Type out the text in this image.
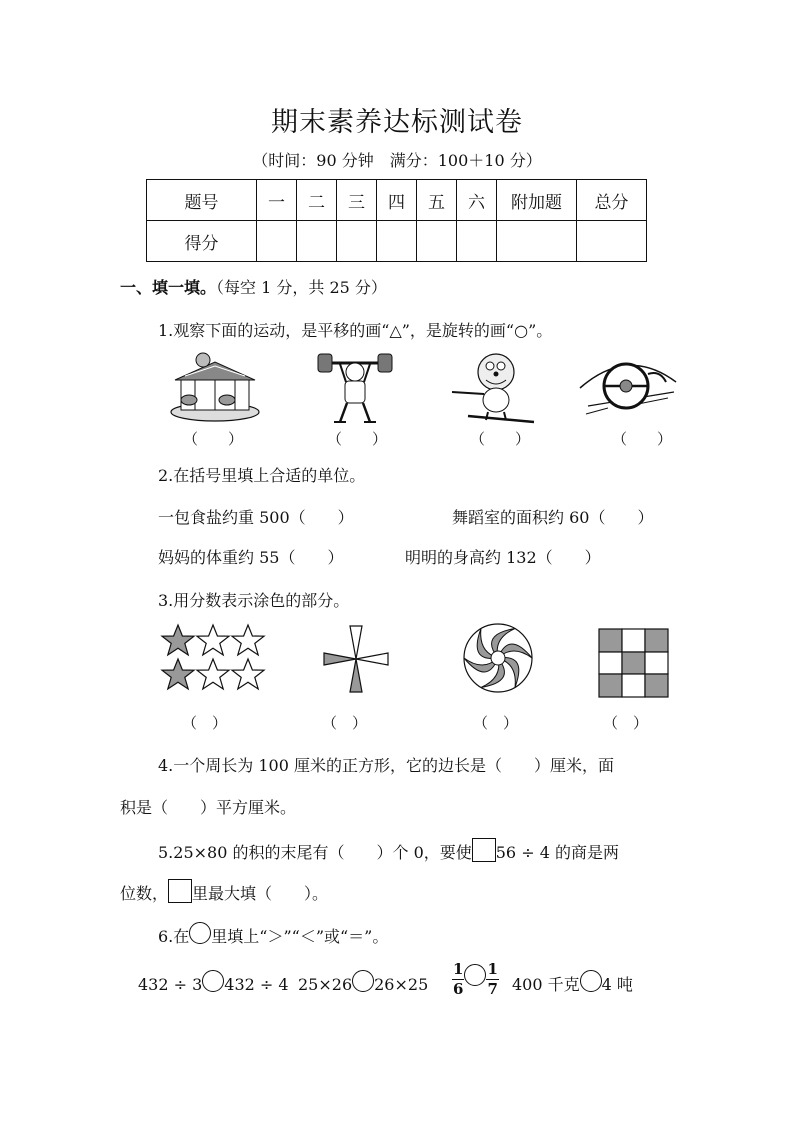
期末素养达标测试卷
（时间：90 分钟　满分：100＋10 分）
题号	一	二	三	四	五	六	附加题	总分
得分								
一、填一填。（每空 1 分，共 25 分）
1.观察下面的运动，是平移的画“△”，是旋转的画“○”。
（　　）	（　　）	（　　）	（　　）
2.在括号里填上合适的单位。
一包食盐约重 500（　　）	舞蹈室的面积约 60（　　）
妈妈的体重约 55（　　）	明明的身高约 132（　　）
3.用分数表示涂色的部分。
（　）	（　）	（　）	（　）
4.一个周长为 100 厘米的正方形，它的边长是（　　）厘米，面
积是（　　）平方厘米。
5.25×80 的积的末尾有（　　）个 0，要使 56 ÷ 4 的商是两
位数， 里最大填（　　）。
6.在 里填上“＞”“＜”或“＝”。
432 ÷ 3 432 ÷ 4 25×26 $26\times 25 \frac{1}{6} \frac{1}{7} 400$ 千克 4 吨
